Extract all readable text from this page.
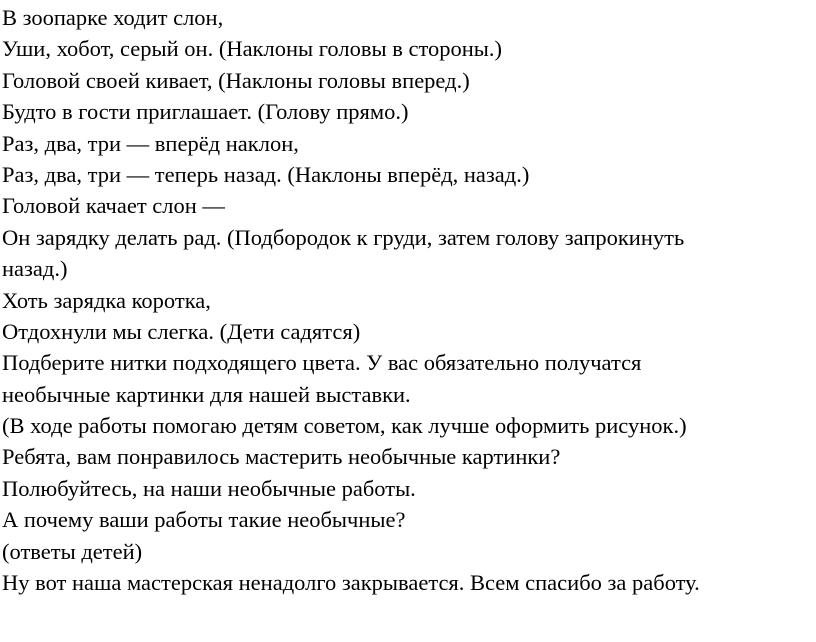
В зоопарке ходит слон,
Уши, хобот, серый он. (Наклоны головы в стороны.)
Головой своей кивает, (Наклоны головы вперед.)
Будто в гости приглашает. (Голову прямо.)
Раз, два, три — вперёд наклон,
Раз, два, три — теперь назад. (Наклоны вперёд, назад.)
Головой качает слон —
Он зарядку делать рад. (Подбородок к груди, затем голову запрокинуть
назад.)
Хоть зарядка коротка,
Отдохнули мы слегка. (Дети садятся)
Подберите нитки подходящего цвета. У вас обязательно получатся
необычные картинки для нашей выставки.
(В ходе работы помогаю детям советом, как лучше оформить рисунок.)
Ребята, вам понравилось мастерить необычные картинки?
Полюбуйтесь, на наши необычные работы.
А почему ваши работы такие необычные?
(ответы детей)
Ну вот наша мастерская ненадолго закрывается. Всем спасибо за работу.
